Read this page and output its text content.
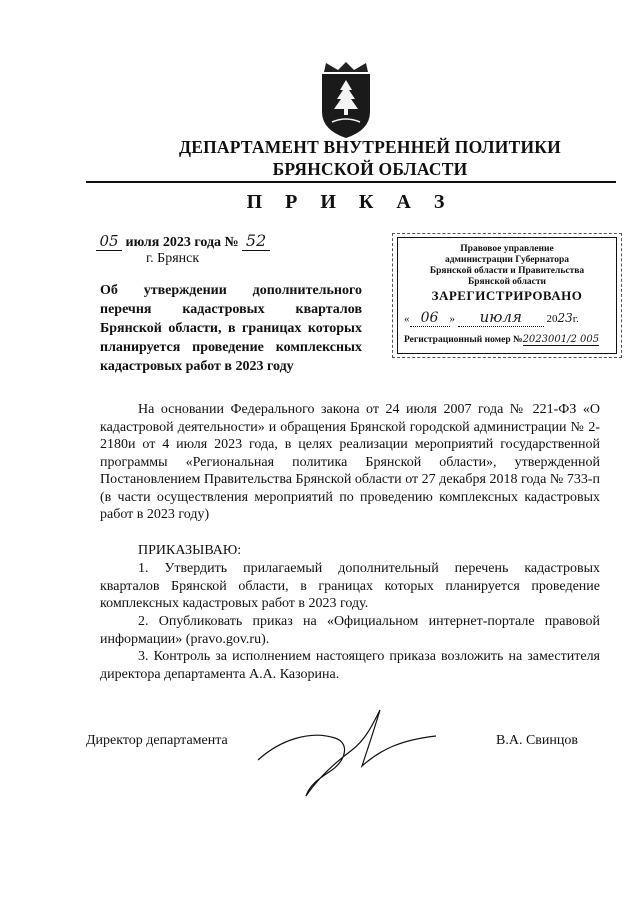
ДЕПАРТАМЕНТ ВНУТРЕННЕЙ ПОЛИТИКИ
БРЯНСКОЙ ОБЛАСТИ
П Р И К А З
05 июля 2023 года № 52
г. Брянск
Правовое управление
администрации Губернатора
Брянской области и Правительства
Брянской области
ЗАРЕГИСТРИРОВАНО
« 06 » июля 2023г.
Регистрационный номер №2023001/2 005
Об утверждении дополнительного перечня кадастровых кварталов Брянской области, в границах которых планируется проведение комплексных кадастровых работ в 2023 году
На основании Федерального закона от 24 июля 2007 года № 221-ФЗ «О кадастровой деятельности» и обращения Брянской городской администрации № 2-2180и от 4 июля 2023 года, в целях реализации мероприятий государственной программы «Региональная политика Брянской области», утвержденной Постановлением Правительства Брянской области от 27 декабря 2018 года № 733-п (в части осуществления мероприятий по проведению комплексных кадастровых работ в 2023 году)
ПРИКАЗЫВАЮ:
1. Утвердить прилагаемый дополнительный перечень кадастровых кварталов Брянской области, в границах которых планируется проведение комплексных кадастровых работ в 2023 году.
2. Опубликовать приказ на «Официальном интернет-портале правовой информации» (pravo.gov.ru).
3. Контроль за исполнением настоящего приказа возложить на заместителя директора департамента А.А. Казорина.
Директор департамента	В.А. Свинцов
